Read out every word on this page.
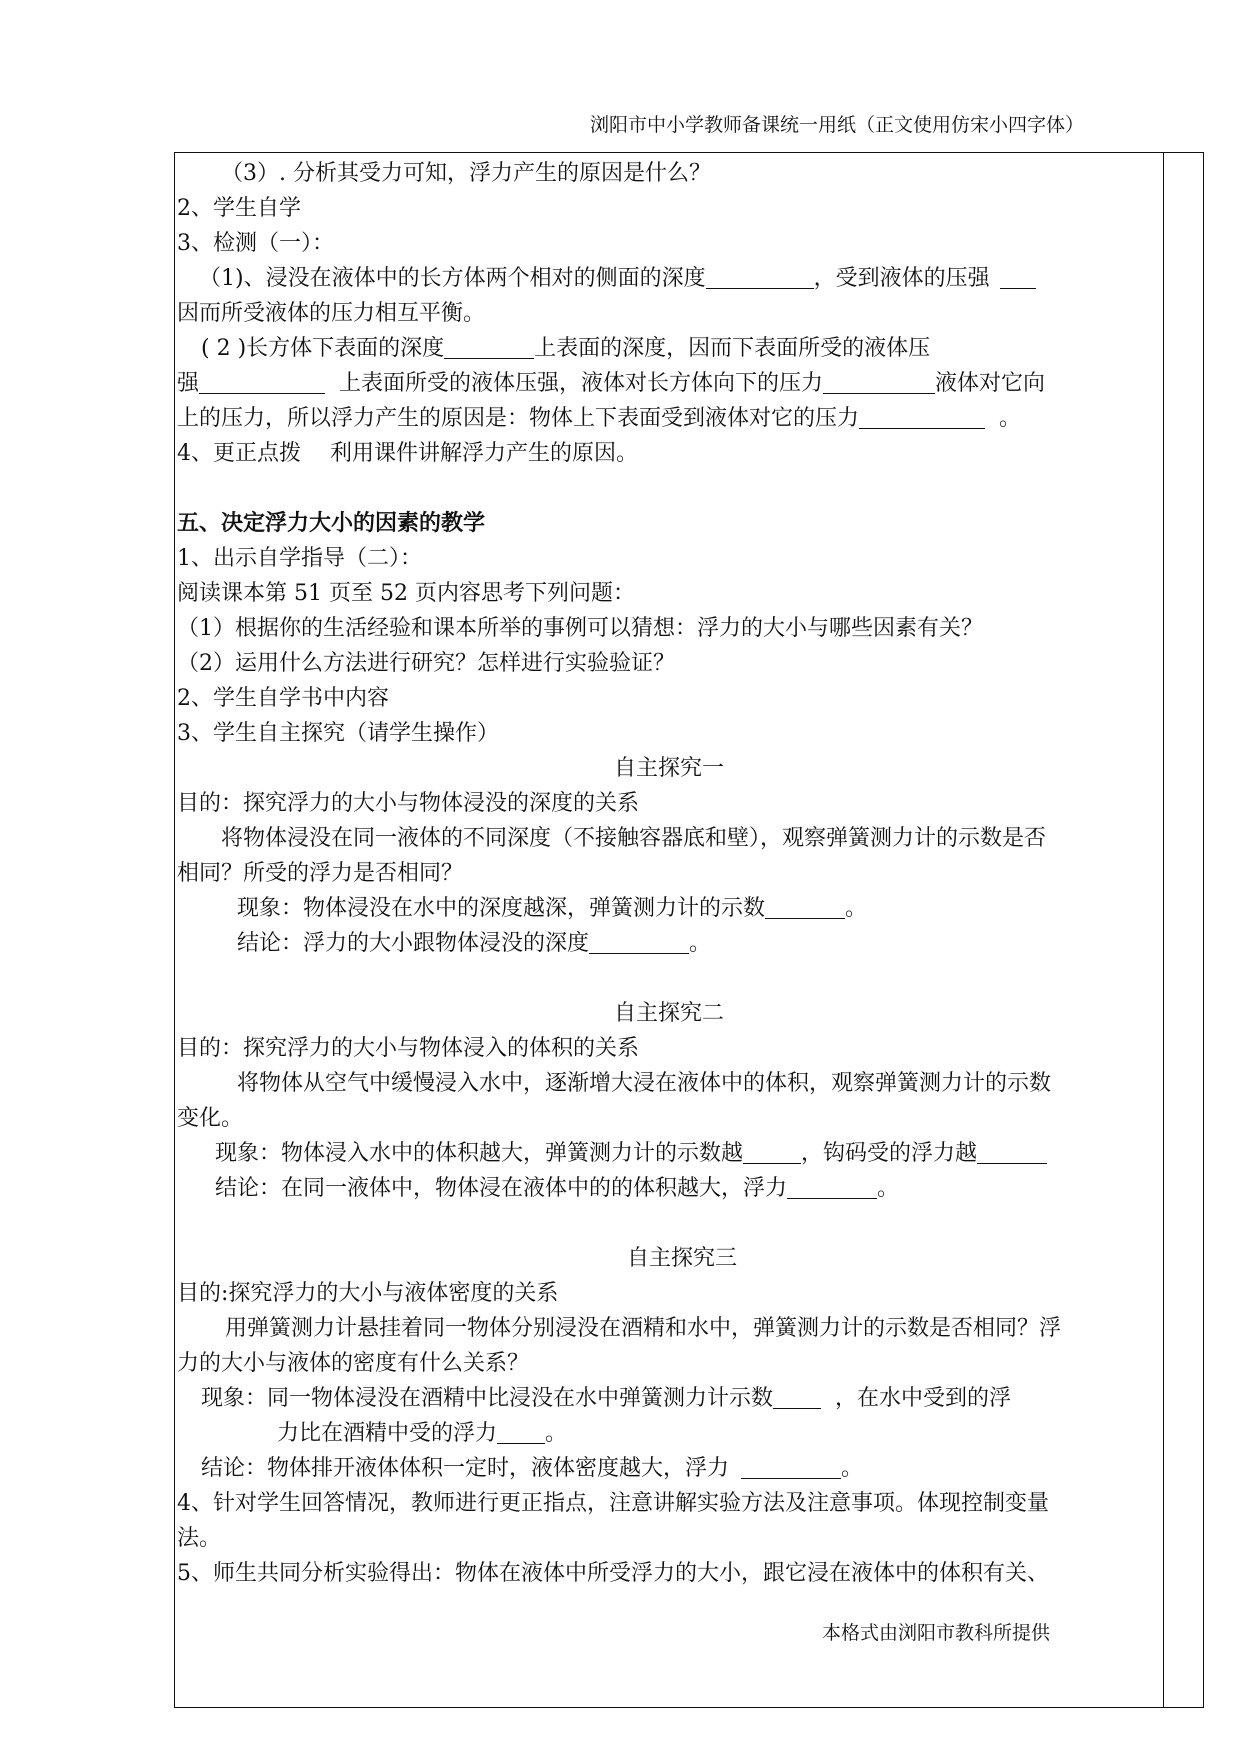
浏阳市中小学教师备课统一用纸（正文使用仿宋小四字体）
（3）. 分析其受力可知，浮力产生的原因是什么？
2、学生自学
3、检测（一）：
（1)、浸没在液体中的长方体两个相对的侧面的深度	，受到液体的压强
因而所受液体的压力相互平衡。
( 2 )长方体下表面的深度	上表面的深度，因而下表面所受的液体压
强	上表面所受的液体压强，液体对长方体向下的压力	液体对它向
上的压力，所以浮力产生的原因是：物体上下表面受到液体对它的压力	。
4、更正点拨　 利用课件讲解浮力产生的原因。
五、决定浮力大小的因素的教学
1、出示自学指导（二）：
阅读课本第 51 页至 52 页内容思考下列问题：
（1）根据你的生活经验和课本所举的事例可以猜想：浮力的大小与哪些因素有关？
（2）运用什么方法进行研究？怎样进行实验验证？
2、学生自学书中内容
3、学生自主探究（请学生操作）
自主探究一
目的：探究浮力的大小与物体浸没的深度的关系
将物体浸没在同一液体的不同深度（不接触容器底和壁），观察弹簧测力计的示数是否
相同？所受的浮力是否相同？
现象：物体浸没在水中的深度越深，弹簧测力计的示数	。
结论：浮力的大小跟物体浸没的深度	。
自主探究二
目的：探究浮力的大小与物体浸入的体积的关系
将物体从空气中缓慢浸入水中，逐渐增大浸在液体中的体积，观察弹簧测力计的示数
变化。
现象：物体浸入水中的体积越大，弹簧测力计的示数越	，钩码受的浮力越
结论：在同一液体中，物体浸在液体中的的体积越大，浮力	。
自主探究三
目的:探究浮力的大小与液体密度的关系
用弹簧测力计悬挂着同一物体分别浸没在酒精和水中，弹簧测力计的示数是否相同？浮
力的大小与液体的密度有什么关系？
现象：同一物体浸没在酒精中比浸没在水中弹簧测力计示数	，在水中受到的浮
力比在酒精中受的浮力 。
结论：物体排开液体体积一定时，液体密度越大，浮力	。
4、针对学生回答情况，教师进行更正指点，注意讲解实验方法及注意事项。体现控制变量
法。
5、师生共同分析实验得出：物体在液体中所受浮力的大小，跟它浸在液体中的体积有关、
本格式由浏阳市教科所提供
